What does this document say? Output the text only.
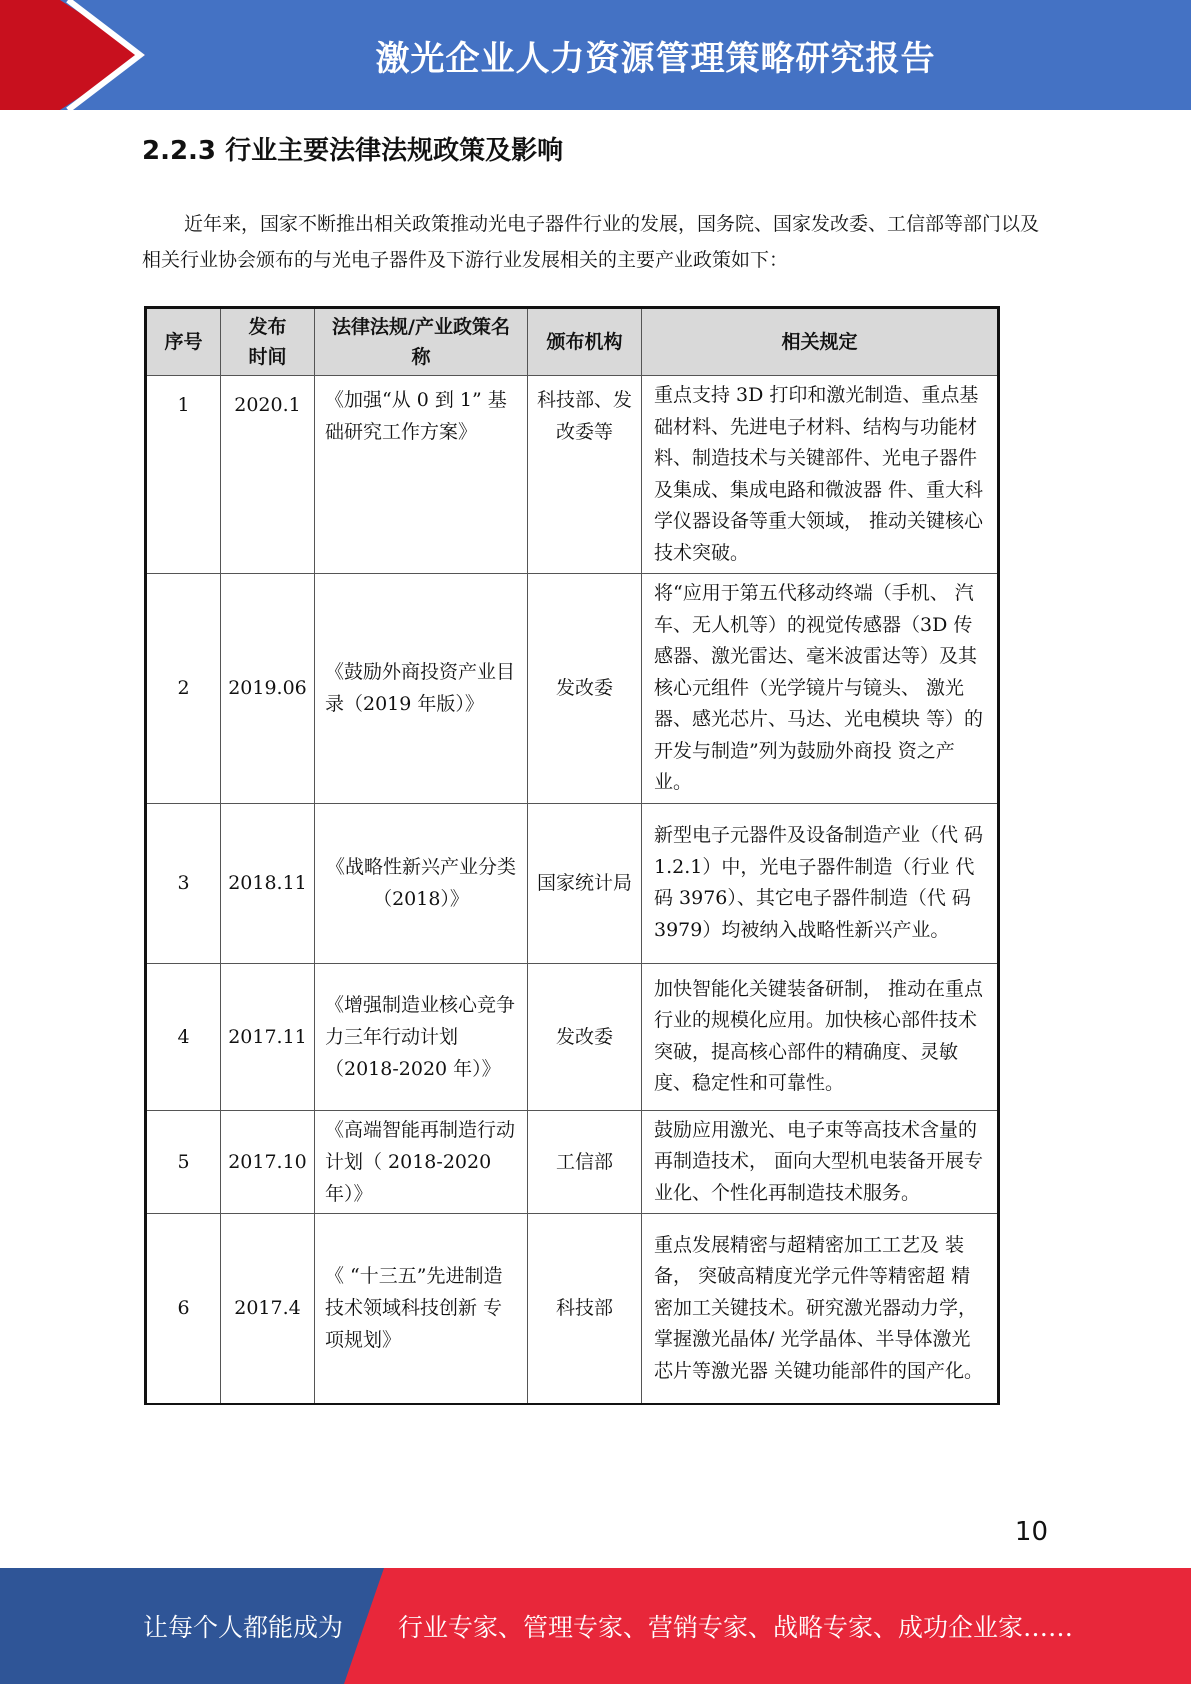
激光企业人力资源管理策略研究报告
2.2.3 行业主要法律法规政策及影响
近年来，国家不断推出相关政策推动光电子器件行业的发展，国务院、国家发改委、工信部等部门以及相关行业协会颁布的与光电子器件及下游行业发展相关的主要产业政策如下：
序号	发布时间	法律法规/产业政策名称	颁布机构	相关规定
1	2020.1	《加强“从 0 到 1” 基础研究工作方案》	科技部、发改委等	重点支持 3D 打印和激光制造、重点基础材料、先进电子材料、结构与功能材料、制造技术与关键部件、光电子器件及集成、集成电路和微波器 件、重大科学仪器设备等重大领域， 推动关键核心技术突破。
2	2019.06	《鼓励外商投资产业目录（2019 年版）》	发改委	将“应用于第五代移动终端（手机、 汽车、无人机等）的视觉传感器（3D 传感器、激光雷达、毫米波雷达等）及其核心元组件（光学镜片与镜头、 激光器、感光芯片、马达、光电模块 等）的开发与制造”列为鼓励外商投 资之产业。
3	2018.11	《战略性新兴产业分类（2018）》	国家统计局	新型电子元器件及设备制造产业（代 码 1.2.1）中，光电子器件制造（行业 代码 3976）、其它电子器件制造（代 码 3979）均被纳入战略性新兴产业。
4	2017.11	《增强制造业核心竞争力三年行动计划（2018-2020 年）》	发改委	加快智能化关键装备研制， 推动在重点行业的规模化应用。加快核心部件技术突破，提高核心部件的精确度、灵敏度、稳定性和可靠性。
5	2017.10	《高端智能再制造行动计划（ 2018-2020 年）》	工信部	鼓励应用激光、电子束等高技术含量的再制造技术， 面向大型机电装备开展专业化、个性化再制造技术服务。
6	2017.4	《 “十三五”先进制造技术领域科技创新 专项规划》	科技部	重点发展精密与超精密加工工艺及 装备， 突破高精度光学元件等精密超 精密加工关键技术。研究激光器动力学，掌握激光晶体/ 光学晶体、半导体激光芯片等激光器 关键功能部件的国产化。
10
让每个人都能成为 行业专家、管理专家、营销专家、战略专家、成功企业家……
